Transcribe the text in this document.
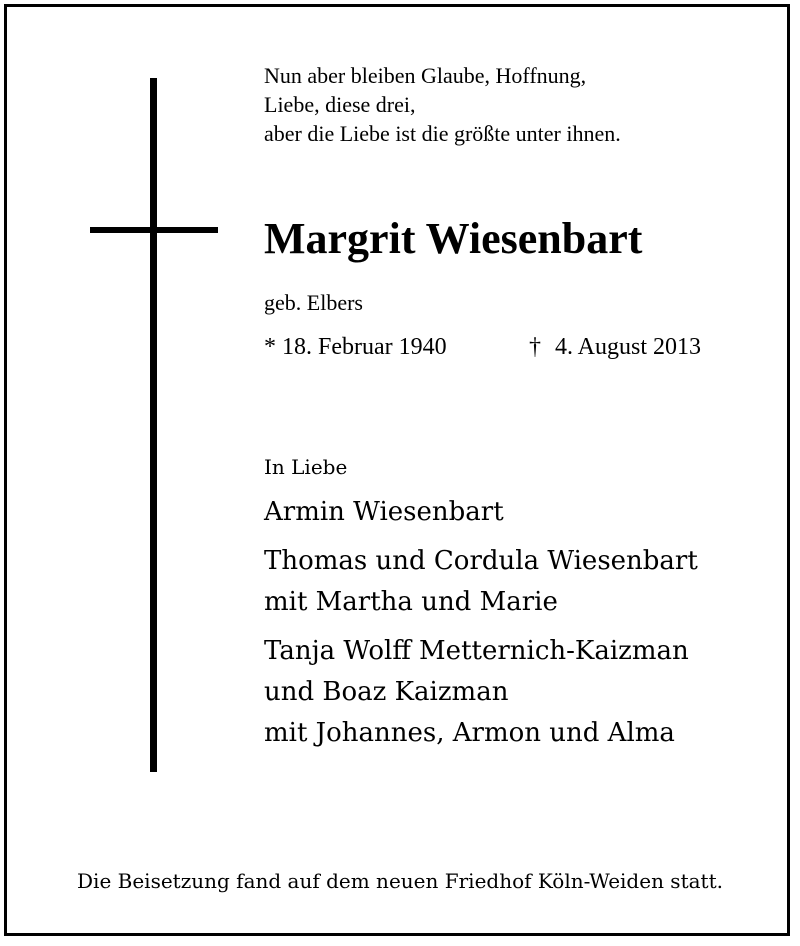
Nun aber bleiben Glaube, Hoffnung,
Liebe, diese drei,
aber die Liebe ist die größte unter ihnen.
Margrit Wiesenbart
geb. Elbers
* 18. Februar 1940	† 4. August 2013
In Liebe
Armin Wiesenbart
Thomas und Cordula Wiesenbart
mit Martha und Marie
Tanja Wolff Metternich-Kaizman
und Boaz Kaizman
mit Johannes, Armon und Alma
Die Beisetzung fand auf dem neuen Friedhof Köln-Weiden statt.
